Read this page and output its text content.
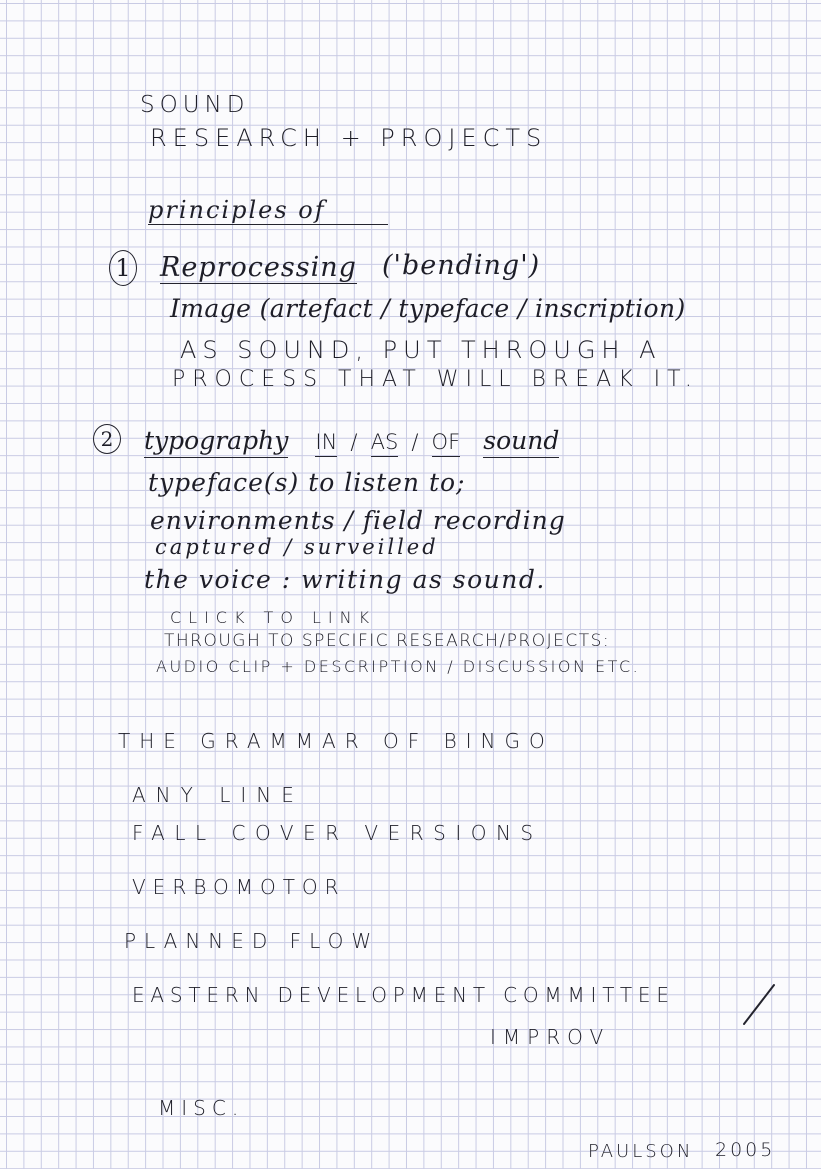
SOUND
RESEARCH + PROJECTS
principles of
1 Reprocessing ('bending')
Image (artefact / typeface / inscription)
AS SOUND, PUT THROUGH A
PROCESS THAT WILL BREAK IT.
2	typography IN / AS / OF sound
typeface(s) to listen to;
environments / field recording
captured / surveilled
the voice : writing as sound.
CLICK TO LINK
THROUGH TO SPECIFIC RESEARCH/PROJECTS:
AUDIO CLIP + DESCRIPTION / DISCUSSION ETC.
THE GRAMMAR OF BINGO
ANY LINE
FALL COVER VERSIONS
VERBOMOTOR
PLANNED FLOW
EASTERN DEVELOPMENT COMMITTEE
IMPROV
MISC.
PAULSON 2005
